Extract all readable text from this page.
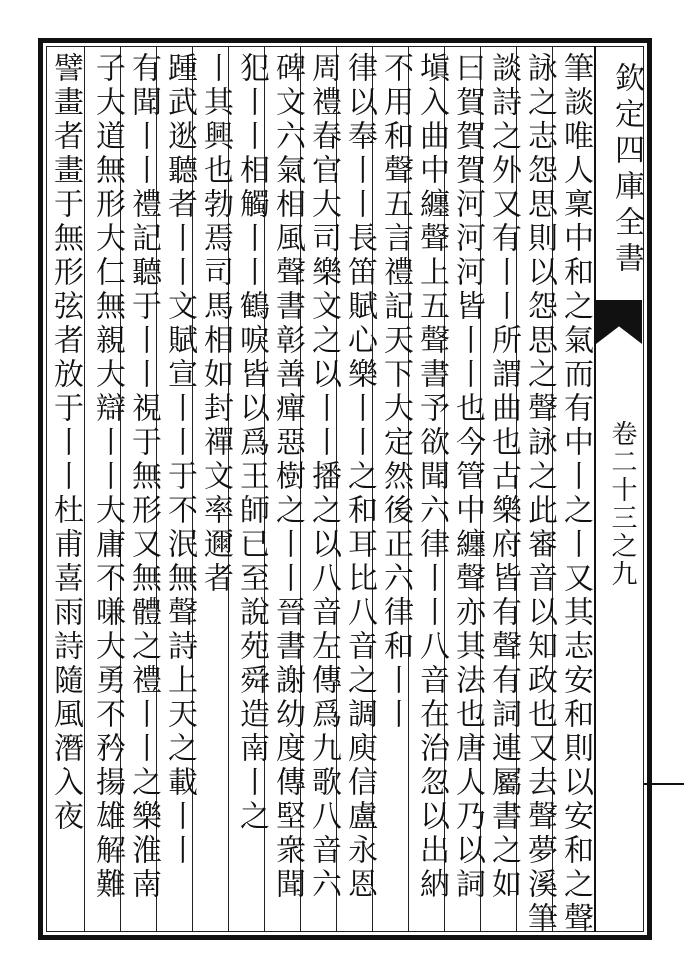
欽定四庫全書
卷二十三之九
筆談唯人稟中和之氣而有中丨之丨又其志安和則以安和之聲
詠之志怨思則以怨思之聲詠之此審音以知政也又去聲夢溪筆
談詩之外又有丨丨所謂曲也古樂府皆有聲有詞連屬書之如
曰賀賀賀河河河皆丨丨也今管中纏聲亦其法也唐人乃以詞
塡入曲中纏聲上五聲書予欲聞六律丨丨八音在治忽以出納
不用和聲五言禮記天下大定然後正六律和丨丨
律以奉丨丨長笛賦心樂丨丨之和耳比八音之調庾信盧永恩
周禮春官大司樂文之以丨丨播之以八音左傳爲九歌八音六
碑文六氣相風聲書彰善癉惡樹之丨丨晉書謝幼度傳堅衆聞
犯丨丨相觸丨丨鶴唳皆以爲王師已至說苑舜造南丨之
丨其興也勃焉司馬相如封禪文率邇者
踵武逖聽者丨丨文賦宣丨丨于不泯無聲詩上天之載丨丨
有聞丨丨禮記聽于丨丨視于無形又無體之禮丨丨之樂淮南
子大道無形大仁無親大辯丨丨大庸不嗛大勇不矜揚雄解難
譬畫者畫于無形弦者放于丨丨杜甫喜雨詩隨風潛入夜
